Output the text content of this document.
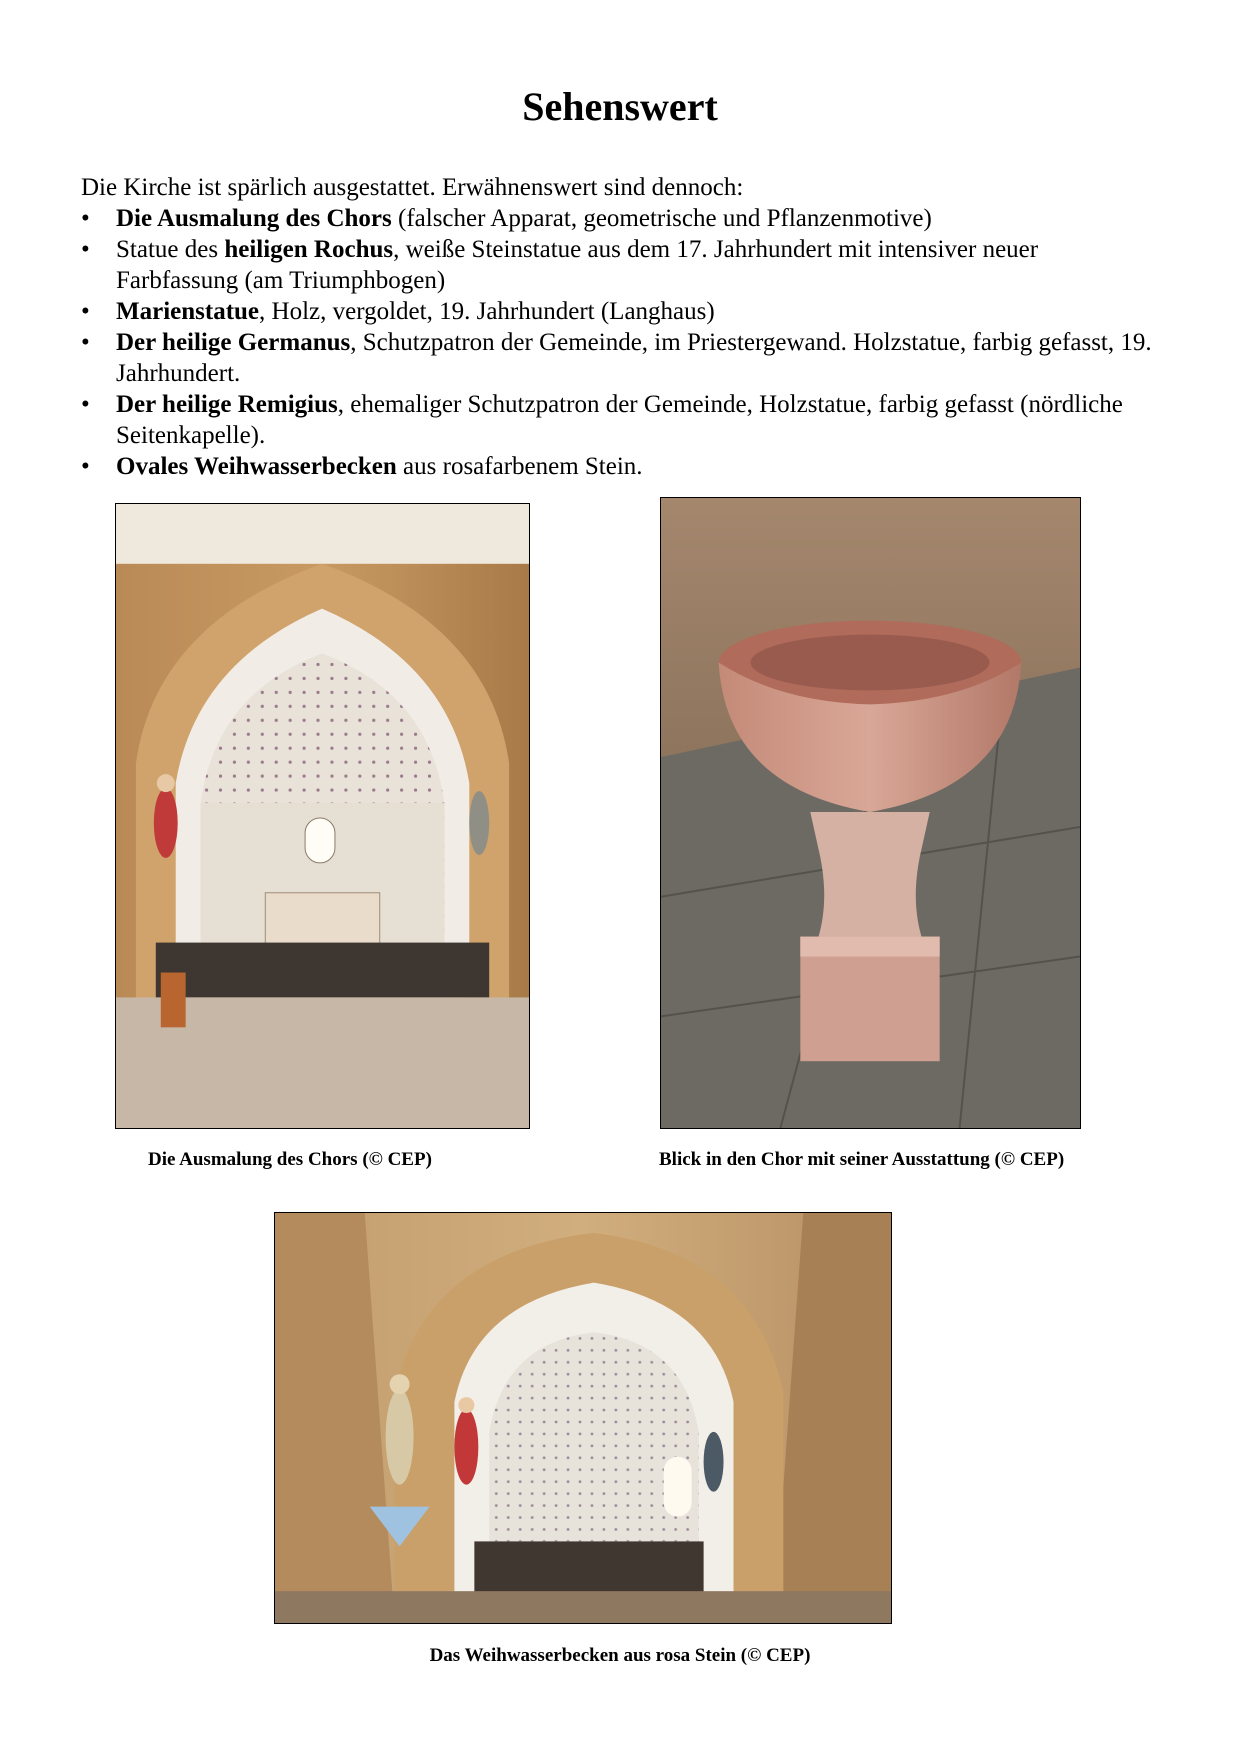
Sehenswert

Die Kirche ist spärlich ausgestattet. Erwähnenswert sind dennoch:

•	Die Ausmalung des Chors (falscher Apparat, geometrische und Pflanzenmotive)
•	Statue des heiligen Rochus, weiße Steinstatue aus dem 17. Jahrhundert mit intensiver neuer Farbfassung (am Triumphbogen)
•	Marienstatue, Holz, vergoldet, 19. Jahrhundert (Langhaus)
•	Der heilige Germanus, Schutzpatron der Gemeinde, im Priestergewand. Holzstatue, farbig gefasst, 19. Jahrhundert.
•	Der heilige Remigius, ehemaliger Schutzpatron der Gemeinde, Holzstatue, farbig gefasst (nördliche Seitenkapelle).
•	Ovales Weihwasserbecken aus rosafarbenem Stein.

Die Ausmalung des Chors (© CEP)	Blick in den Chor mit seiner Ausstattung (© CEP)

Das Weihwasserbecken aus rosa Stein (© CEP)
